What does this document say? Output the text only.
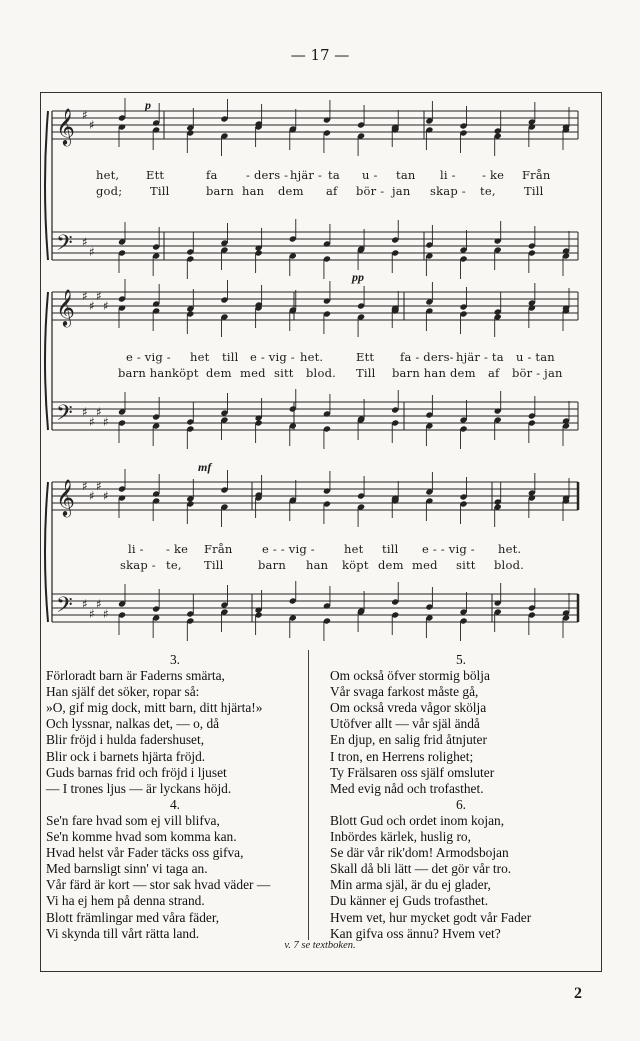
— 17 —
𝄞
𝄢
♯
♯
♯
♯
𝄞
𝄢
♯
♯
♯
♯
♯
♯
♯
♯
𝄞
𝄢
♯
♯
♯
♯
♯
♯
♯
♯
p
pp
mf
het, Ett	fa - ders - hjär - ta u - tan li - - ke Från
god; Till	barn han dem af bör - jan skap - te, Till
e - vig - het till e - vig - het.	Ett fa - ders- hjär - ta u - tan
barn han köpt dem med sitt blod. Till barn han dem af bör - jan
li - - ke Från	e - - vig -	het till e - - vig - het.
skap - te, Till	barn han köpt dem med sitt blod.
3.
Förloradt barn är Faderns smärta,
Han själf det söker, ropar så:
»O, gif mig dock, mitt barn, ditt hjärta!»
Och lyssnar, nalkas det, — o, då
Blir fröjd i hulda fadershuset,
Blir ock i barnets hjärta fröjd.
Guds barnas frid och fröjd i ljuset
— I trones ljus — är lyckans höjd.
4.
Se'n fare hvad som ej vill blifva,
Se'n komme hvad som komma kan.
Hvad helst vår Fader täcks oss gifva,
Med barnsligt sinn' vi taga an.
Vår färd är kort — stor sak hvad väder —
Vi ha ej hem på denna strand.
Blott främlingar med våra fäder,
Vi skynda till vårt rätta land.
5.
Om också öfver stormig bölja
Vår svaga farkost måste gå,
Om också vreda vågor skölja
Utöfver allt — vår själ ändå
En djup, en salig frid åtnjuter
I tron, en Herrens rolighet;
Ty Frälsaren oss själf omsluter
Med evig nåd och trofasthet.
6.
Blott Gud och ordet inom kojan,
Inbördes kärlek, huslig ro,
Se där vår rik'dom! Armodsbojan
Skall då bli lätt — det gör vår tro.
Min arma själ, är du ej glader,
Du känner ej Guds trofasthet.
Hvem vet, hur mycket godt vår Fader
Kan gifva oss ännu? Hvem vet?
v. 7 se textboken.
2
